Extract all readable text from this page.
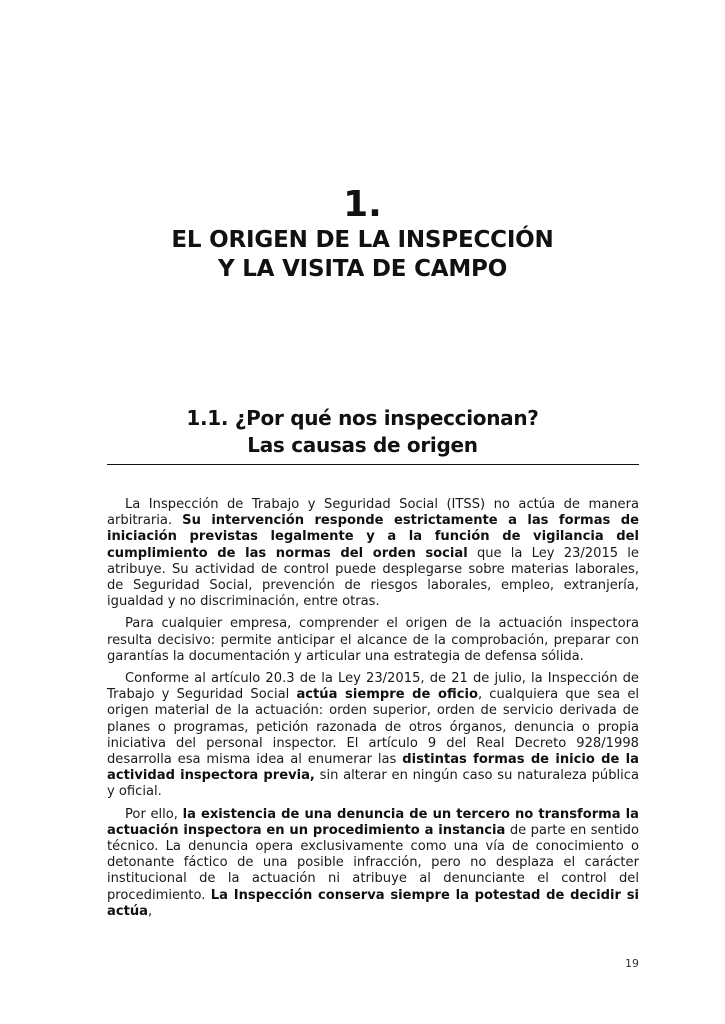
1.
EL ORIGEN DE LA INSPECCIÓN
Y LA VISITA DE CAMPO
1.1. ¿Por qué nos inspeccionan?
Las causas de origen

La Inspección de Trabajo y Seguridad Social (ITSS) no actúa de manera arbitraria. Su intervención responde estrictamente a las formas de iniciación previstas legalmente y a la función de vigilancia del cumplimiento de las normas del orden social que la Ley 23/2015 le atribuye. Su actividad de control puede desplegarse sobre materias laborales, de Seguridad Social, prevención de riesgos laborales, empleo, extranjería, igualdad y no discriminación, entre otras.

Para cualquier empresa, comprender el origen de la actuación inspectora resulta decisivo: permite anticipar el alcance de la comprobación, preparar con garantías la documentación y articular una estrategia de defensa sólida.

Conforme al artículo 20.3 de la Ley 23/2015, de 21 de julio, la Inspección de Trabajo y Seguridad Social actúa siempre de oficio, cualquiera que sea el origen material de la actuación: orden superior, orden de servicio derivada de planes o programas, petición razonada de otros órganos, denuncia o propia iniciativa del personal inspector. El artículo 9 del Real Decreto 928/1998 desarrolla esa misma idea al enumerar las distintas formas de inicio de la actividad inspectora previa, sin alterar en ningún caso su naturaleza pública y oficial.

Por ello, la existencia de una denuncia de un tercero no transforma la actuación inspectora en un procedimiento a instancia de parte en sentido técnico. La denuncia opera exclusivamente como una vía de conocimiento o detonante fáctico de una posible infracción, pero no desplaza el carácter institucional de la actuación ni atribuye al denunciante el control del procedimiento. La Inspección conserva siempre la potestad de decidir si actúa,

19
